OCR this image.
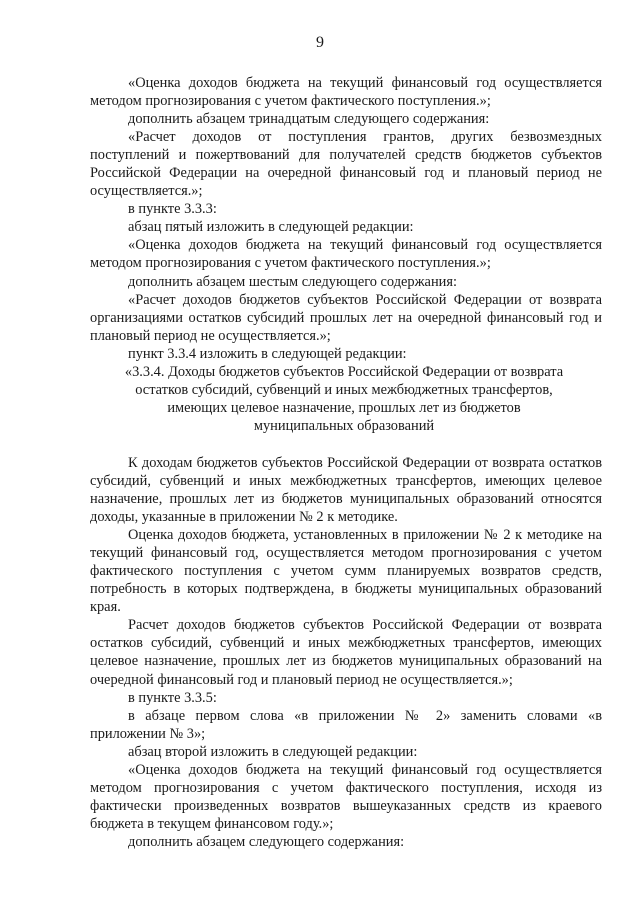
9

«Оценка доходов бюджета на текущий финансовый год осуществляется методом прогнозирования с учетом фактического поступления.»;

дополнить абзацем тринадцатым следующего содержания:

«Расчет доходов от поступления грантов, других безвозмездных поступлений и пожертвований для получателей средств бюджетов субъектов Российской Федерации на очередной финансовый год и плановый период не осуществляется.»;

в пункте 3.3.3:

абзац пятый изложить в следующей редакции:

«Оценка доходов бюджета на текущий финансовый год осуществляется методом прогнозирования с учетом фактического поступления.»;

дополнить абзацем шестым следующего содержания:

«Расчет доходов бюджетов субъектов Российской Федерации от возврата организациями остатков субсидий прошлых лет на очередной финансовый год и плановый период не осуществляется.»;

пункт 3.3.4 изложить в следующей редакции:

«3.3.4. Доходы бюджетов субъектов Российской Федерации от возврата остатков субсидий, субвенций и иных межбюджетных трансфертов, имеющих целевое назначение, прошлых лет из бюджетов муниципальных образований

К доходам бюджетов субъектов Российской Федерации от возврата остатков субсидий, субвенций и иных межбюджетных трансфертов, имеющих целевое назначение, прошлых лет из бюджетов муниципальных образований относятся доходы, указанные в приложении № 2 к методике.

Оценка доходов бюджета, установленных в приложении № 2 к методике на текущий финансовый год, осуществляется методом прогнозирования с учетом фактического поступления с учетом сумм планируемых возвратов средств, потребность в которых подтверждена, в бюджеты муниципальных образований края.

Расчет доходов бюджетов субъектов Российской Федерации от возврата остатков субсидий, субвенций и иных межбюджетных трансфертов, имеющих целевое назначение, прошлых лет из бюджетов муниципальных образований на очередной финансовый год и плановый период не осуществляется.»;

в пункте 3.3.5:

в абзаце первом слова «в приложении № 2» заменить словами «в приложении № 3»;

абзац второй изложить в следующей редакции:

«Оценка доходов бюджета на текущий финансовый год осуществляется методом прогнозирования с учетом фактического поступления, исходя из фактически произведенных возвратов вышеуказанных средств из краевого бюджета в текущем финансовом году.»;

дополнить абзацем следующего содержания:
